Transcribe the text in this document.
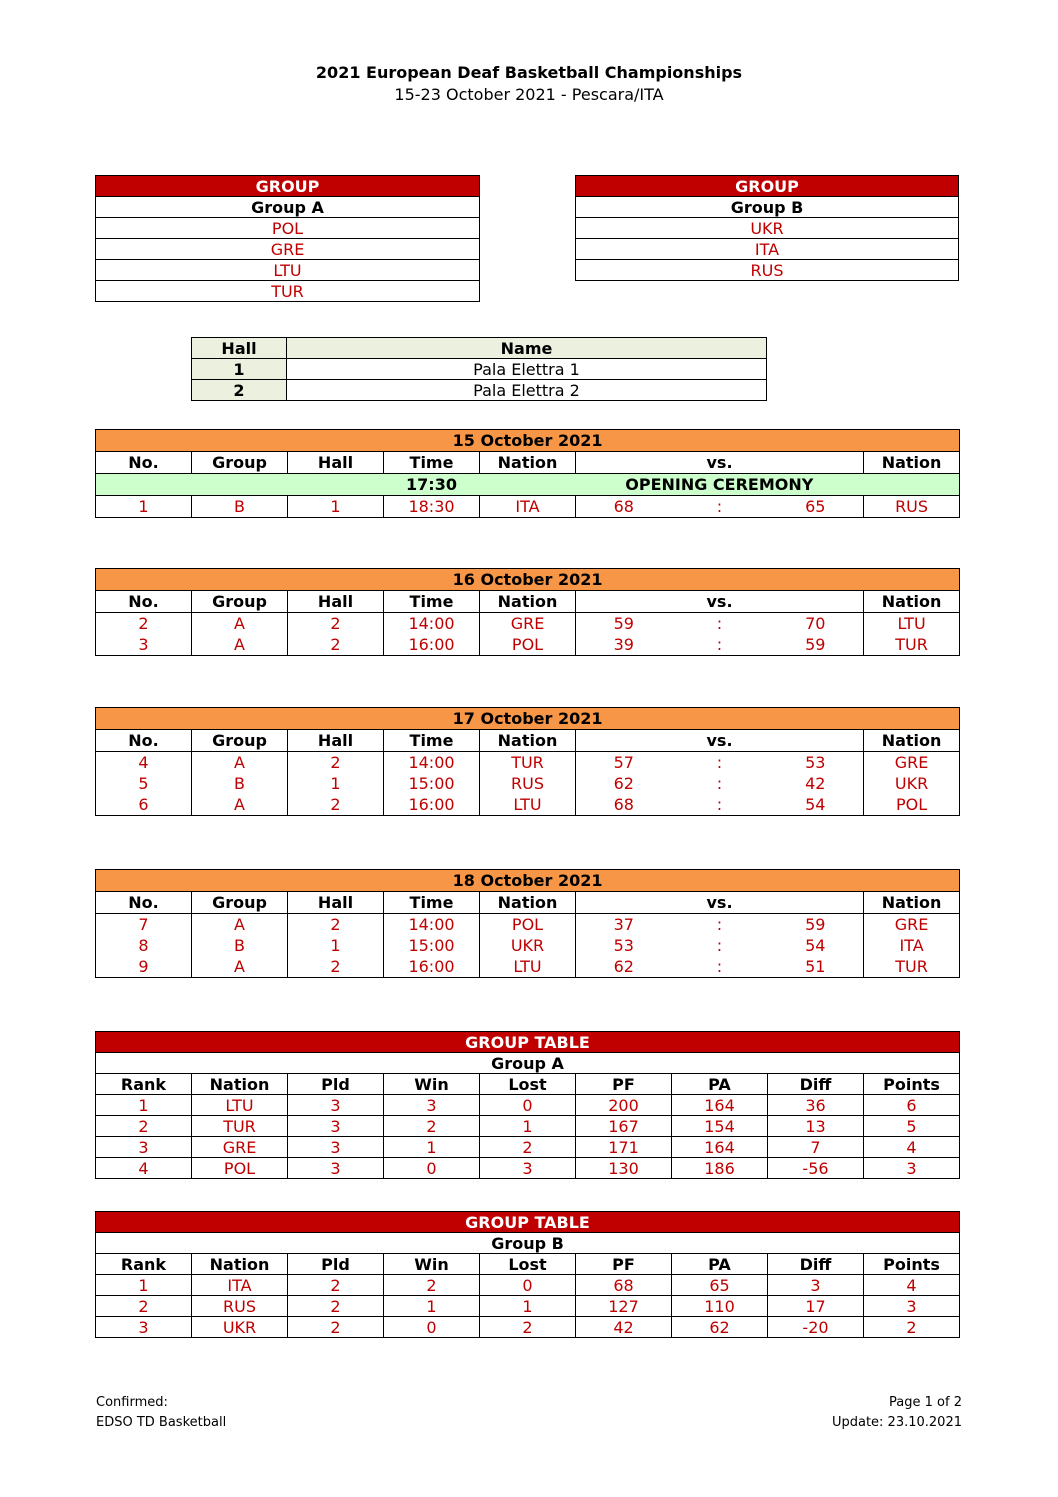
2021 European Deaf Basketball Championships
15-23 October 2021 - Pescara/ITA
GROUP
Group A
POL
GRE
LTU
TUR
GROUP
Group B
UKR
ITA
RUS
Hall	Name
1	Pala Elettra 1
2	Pala Elettra 2
15 October 2021								
No.	Group	Hall	Time	Nation	vs.			Nation
			17:30	OPENING CEREMONY				
1	B	1	18:30	ITA	68	:	65	RUS
16 October 2021								
No.	Group	Hall	Time	Nation	vs.			Nation
2	A	2	14:00	GRE	59	:	70	LTU
3	A	2	16:00	POL	39	:	59	TUR
17 October 2021								
No.	Group	Hall	Time	Nation	vs.			Nation
4	A	2	14:00	TUR	57	:	53	GRE
5	B	1	15:00	RUS	62	:	42	UKR
6	A	2	16:00	LTU	68	:	54	POL
18 October 2021								
No.	Group	Hall	Time	Nation	vs.			Nation
7	A	2	14:00	POL	37	:	59	GRE
8	B	1	15:00	UKR	53	:	54	ITA
9	A	2	16:00	LTU	62	:	51	TUR
GROUP TABLE								
Group A								
Rank	Nation	Pld	Win	Lost	PF	PA	Diff	Points
1	LTU	3	3	0	200	164	36	6
2	TUR	3	2	1	167	154	13	5
3	GRE	3	1	2	171	164	7	4
4	POL	3	0	3	130	186	-56	3
GROUP TABLE								
Group B								
Rank	Nation	Pld	Win	Lost	PF	PA	Diff	Points
1	ITA	2	2	0	68	65	3	4
2	RUS	2	1	1	127	110	17	3
3	UKR	2	0	2	42	62	-20	2
Confirmed:
EDSO TD Basketball
Page 1 of 2
Update: 23.10.2021
